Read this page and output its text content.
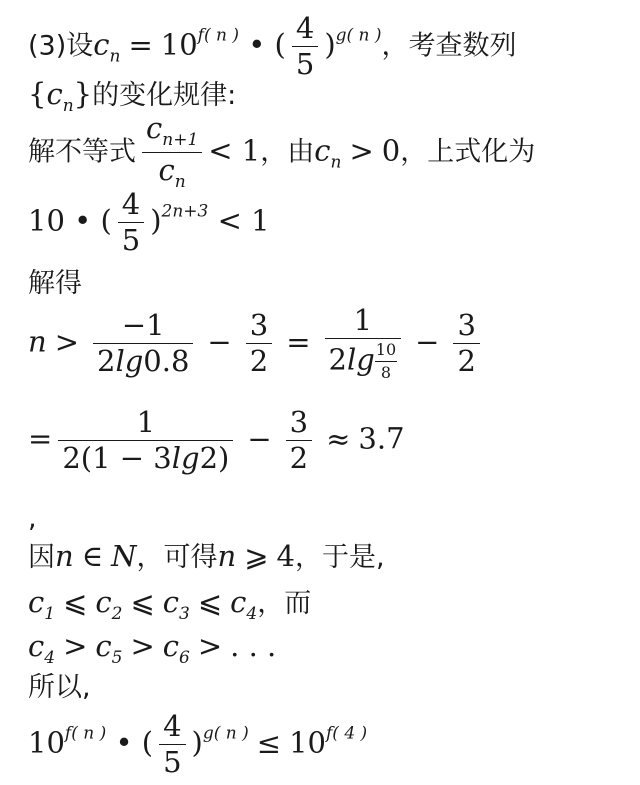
(3)设$c_n = 10^{f( n )}$ • ( $\frac{4}{5} )^{g( n )}$，考查数列
$\{c_n\}$的变化规律:
解不等式 $\frac{c_{n+1}}{c_n} < 1$，由$c_n > 0$，上式化为
10 • ( $\frac{4}{5} )^{2n+3} < 1$
解得
$n > \frac{-1}{2\lg 0.8} - \frac{3}{2} = \frac{1}{2\lg \frac{10}{8}} - \frac{3}{2}$
= $\frac{1}{2(1 - 3\lg 2)} - \frac{3}{2} \approx 3.7$
,
因n ∈ N，可得n ⩾ 4，于是,
$c_1$ ⩽ $c_2$ ⩽ $c_3$ ⩽ $c_4$，而
$c_4 > c_5 > c_6$ > . . .
所以,
$10^{f( n )}$ • ( $\frac{4}{5} )^{g( n )} \le 10^{f( 4 )}$
